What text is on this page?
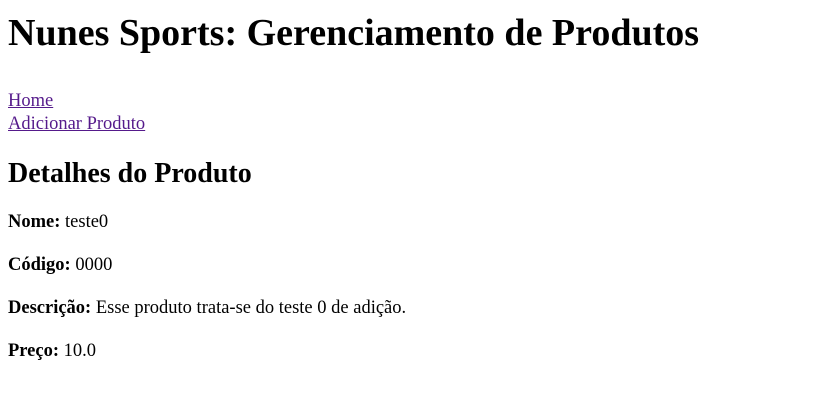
Nunes Sports: Gerenciamento de Produtos
Home
Adicionar Produto
Detalhes do Produto

Nome: teste0

Código: 0000

Descrição: Esse produto trata-se do teste 0 de adição.

Preço: 10.0
